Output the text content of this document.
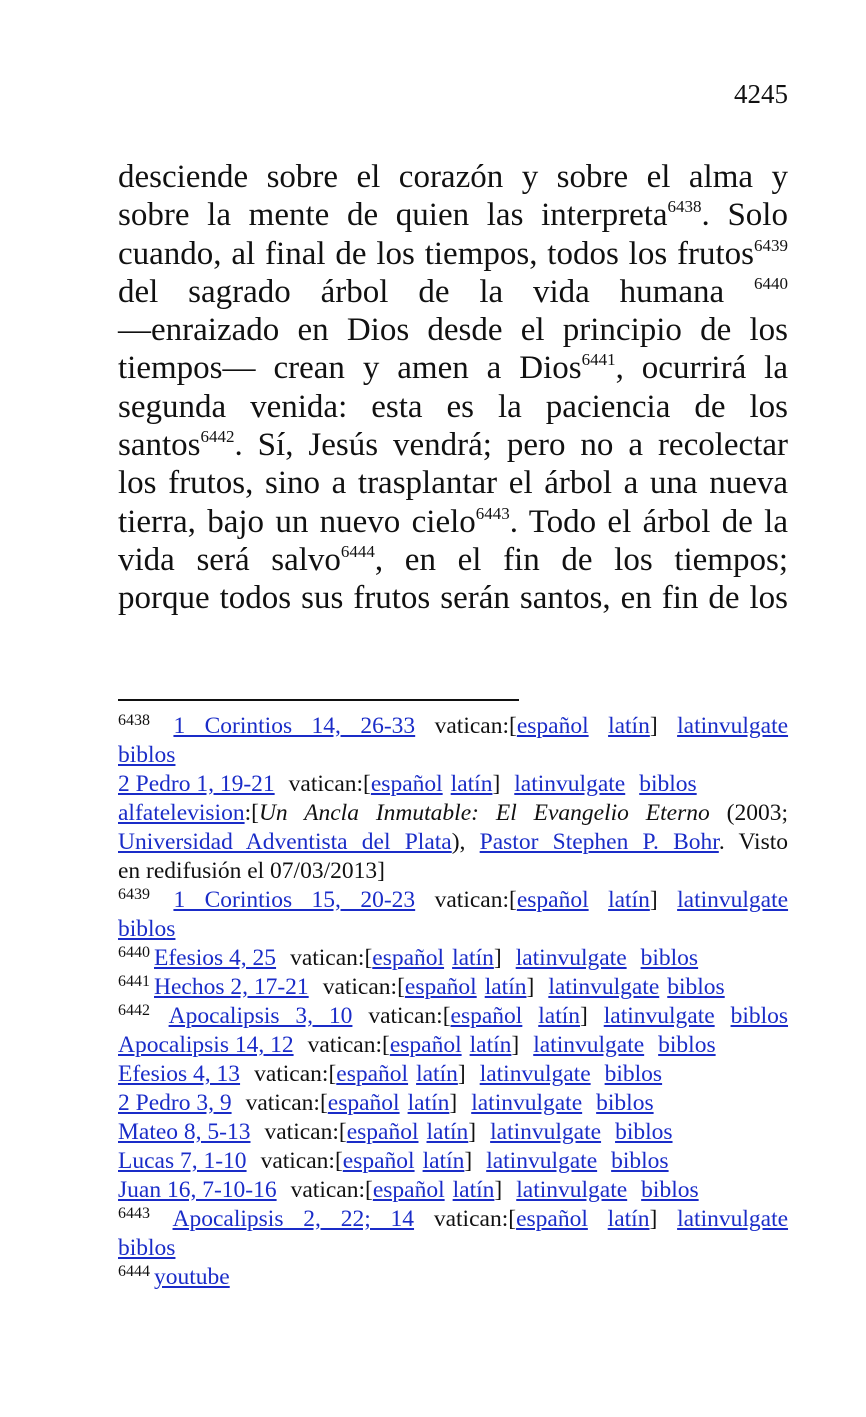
4245
desciende sobre el corazón y sobre el alma y
sobre la mente de quien las interpreta$^{6438}$. Solo
cuando, al final de los tiempos, todos los frutos$^{6439}$
del sagrado árbol de la vida humana $^{6440}$
—enraizado en Dios desde el principio de los
tiempos— crean y amen a Dios$^{6441}$, ocurrirá la
segunda venida: esta es la paciencia de los
santos$^{6442}$. Sí, Jesús vendrá; pero no a recolectar
los frutos, sino a trasplantar el árbol a una nueva
tierra, bajo un nuevo cielo$^{6443}$. Todo el árbol de la
vida será salvo$^{6444}$, en el fin de los tiempos;
porque todos sus frutos serán santos, en fin de los
$^{6438}$ 1 Corintios 14, 26-33 vatican:[español latín] latinvulgate
biblos
2 Pedro 1, 19-21 vatican:[español latín] latinvulgate biblos
alfatelevision:[Un Ancla Inmutable: El Evangelio Eterno (2003;
Universidad Adventista del Plata), Pastor Stephen P. Bohr. Visto
en redifusión el 07/03/2013]
$^{6439}$ 1 Corintios 15, 20-23 vatican:[español latín] latinvulgate
biblos
$^{6440}$ Efesios 4, 25 vatican:[español latín] latinvulgate biblos
$^{6441}$ Hechos 2, 17-21 vatican:[español latín] latinvulgate biblos
$^{6442}$ Apocalipsis 3, 10 vatican:[español latín] latinvulgate biblos
Apocalipsis 14, 12 vatican:[español latín] latinvulgate biblos
Efesios 4, 13 vatican:[español latín] latinvulgate biblos
2 Pedro 3, 9 vatican:[español latín] latinvulgate biblos
Mateo 8, 5-13 vatican:[español latín] latinvulgate biblos
Lucas 7, 1-10 vatican:[español latín] latinvulgate biblos
Juan 16, 7-10-16 vatican:[español latín] latinvulgate biblos
$^{6443}$ Apocalipsis 2, 22; 14 vatican:[español latín] latinvulgate
biblos
$^{6444}$ youtube
